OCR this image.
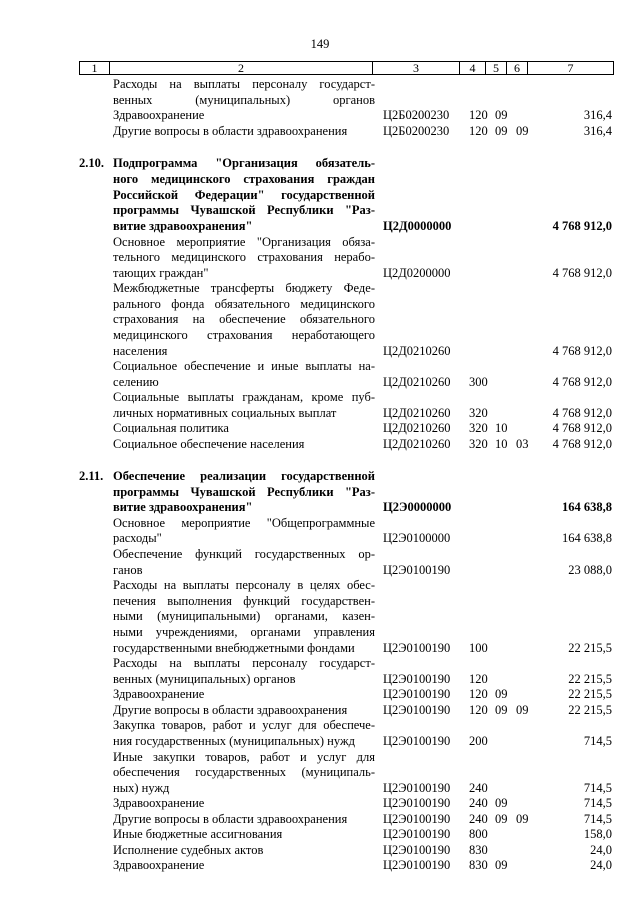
149
1	2	3	4	5	6	7
Расходы на выплаты персоналу государст-
венных (муниципальных) органов
Здравоохранение	Ц2Б0200230 120 09	316,4
Другие вопросы в области здравоохранения	Ц2Б0200230 120 09 09	316,4
2.10. Подпрограмма "Организация обязатель-
ного медицинского страхования граждан
Российской Федерации" государственной
программы Чувашской Республики "Раз-
витие здравоохранения"	Ц2Д0000000	4 768 912,0
Основное мероприятие "Организация обяза-
тельного медицинского страхования нерабо-
тающих граждан"	Ц2Д0200000	4 768 912,0
Межбюджетные трансферты бюджету Феде-
рального фонда обязательного медицинского
страхования на обеспечение обязательного
медицинского страхования неработающего
населения	Ц2Д0210260	4 768 912,0
Социальное обеспечение и иные выплаты на-
селению	Ц2Д0210260 300	4 768 912,0
Социальные выплаты гражданам, кроме пуб-
личных нормативных социальных выплат	Ц2Д0210260 320	4 768 912,0
Социальная политика	Ц2Д0210260 320 10	4 768 912,0
Социальное обеспечение населения	Ц2Д0210260 320 10 03	4 768 912,0
2.11. Обеспечение реализации государственной
программы Чувашской Республики "Раз-
витие здравоохранения"	Ц2Э0000000	164 638,8
Основное мероприятие "Общепрограммные
расходы"	Ц2Э0100000	164 638,8
Обеспечение функций государственных ор-
ганов	Ц2Э0100190	23 088,0
Расходы на выплаты персоналу в целях обес-
печения выполнения функций государствен-
ными (муниципальными) органами, казен-
ными учреждениями, органами управления
государственными внебюджетными фондами	Ц2Э0100190 100	22 215,5
Расходы на выплаты персоналу государст-
венных (муниципальных) органов	Ц2Э0100190 120	22 215,5
Здравоохранение	Ц2Э0100190 120 09	22 215,5
Другие вопросы в области здравоохранения	Ц2Э0100190 120 09 09	22 215,5
Закупка товаров, работ и услуг для обеспече-
ния государственных (муниципальных) нужд	Ц2Э0100190 200	714,5
Иные закупки товаров, работ и услуг для
обеспечения государственных (муниципаль-
ных) нужд	Ц2Э0100190 240	714,5
Здравоохранение	Ц2Э0100190 240 09	714,5
Другие вопросы в области здравоохранения	Ц2Э0100190 240 09 09	714,5
Иные бюджетные ассигнования	Ц2Э0100190 800	158,0
Исполнение судебных актов	Ц2Э0100190 830	24,0
Здравоохранение	Ц2Э0100190 830 09	24,0
